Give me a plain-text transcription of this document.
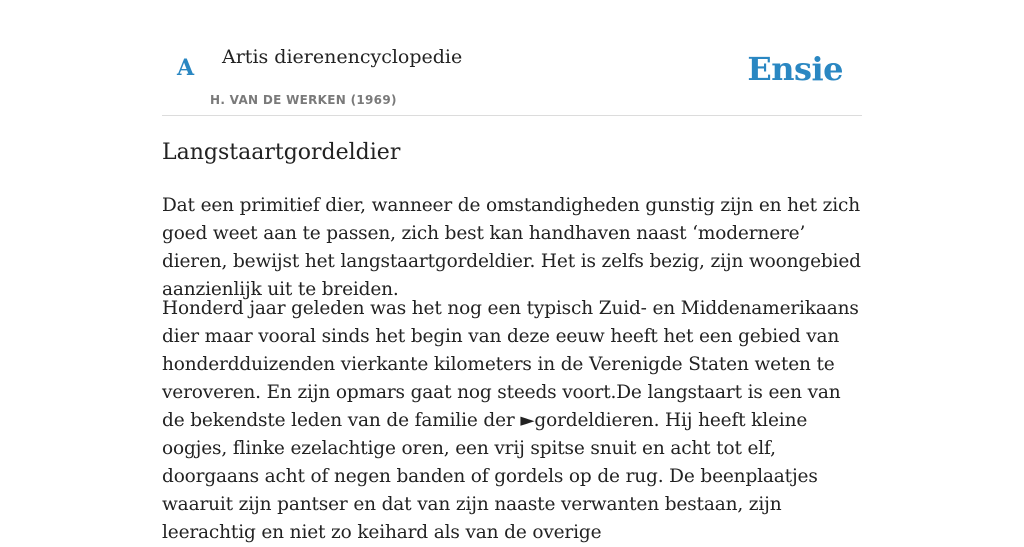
A Artis dierenencyclopedie
H. VAN DE WERKEN (1969)
Ensie
Langstaartgordeldier

Dat een primitief dier, wanneer de omstandigheden gunstig zijn en het zich goed weet aan te passen, zich best kan handhaven naast ‘modernere’ dieren, bewijst het langstaartgordeldier. Het is zelfs bezig, zijn woongebied aanzienlijk uit te breiden.

Honderd jaar geleden was het nog een typisch Zuid- en Middenamerikaans dier maar vooral sinds het begin van deze eeuw heeft het een gebied van honderdduizenden vierkante kilometers in de Verenigde Staten weten te veroveren. En zijn opmars gaat nog steeds voort.De langstaart is een van de bekendste leden van de familie der ►gordeldieren. Hij heeft kleine oogjes, flinke ezelachtige oren, een vrij spitse snuit en acht tot elf, doorgaans acht of negen banden of gordels op de rug. De beenplaatjes waaruit zijn pantser en dat van zijn naaste verwanten bestaan, zijn leerachtig en niet zo keihard als van de overige
